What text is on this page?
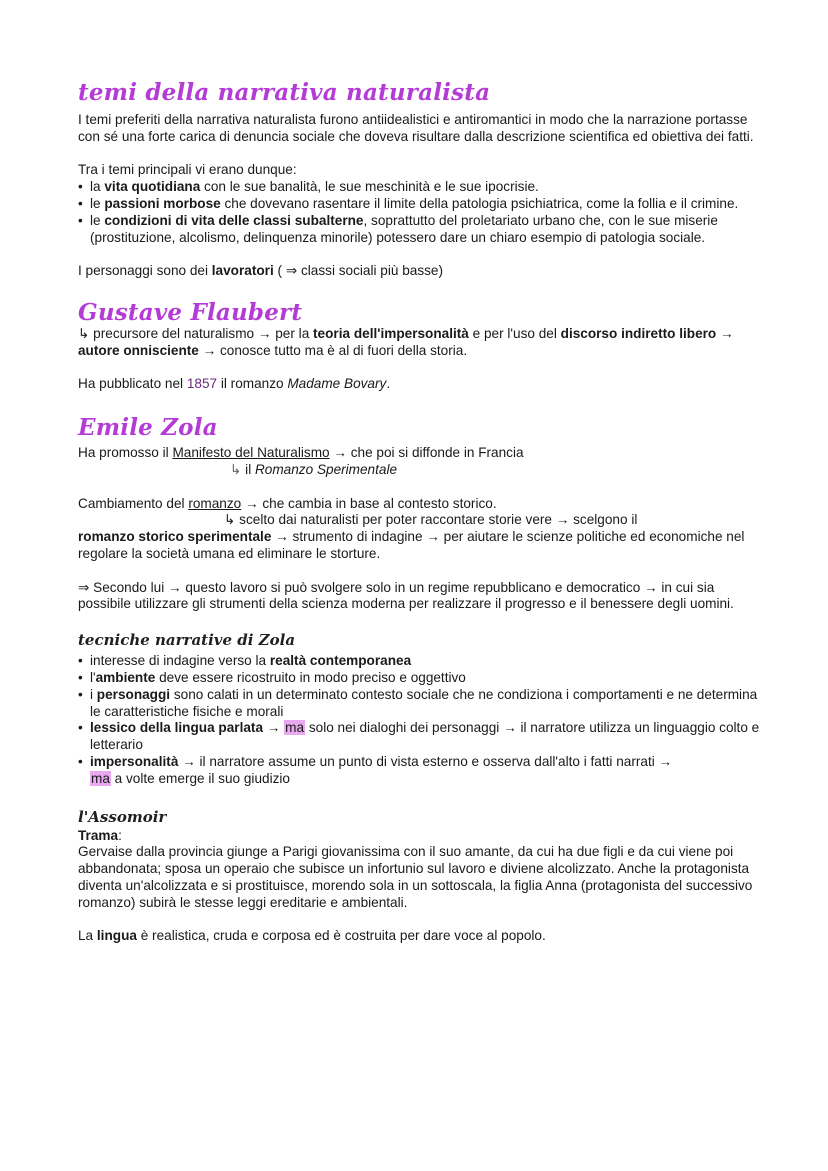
temi della narrativa naturalista

I temi preferiti della narrativa naturalista furono antiidealistici e antiromantici in modo che la narrazione portasse con sé una forte carica di denuncia sociale che doveva risultare dalla descrizione scientifica ed obiettiva dei fatti.

Tra i temi principali vi erano dunque:

• la vita quotidiana con le sue banalità, le sue meschinità e le sue ipocrisie.
• le passioni morbose che dovevano rasentare il limite della patologia psichiatrica, come la follia e il crimine.
• le condizioni di vita delle classi subalterne, soprattutto del proletariato urbano che, con le sue miserie (prostituzione, alcolismo, delinquenza minorile) potessero dare un chiaro esempio di patologia sociale.

I personaggi sono dei lavoratori ( ⇒ classi sociali più basse)

Gustave Flaubert

↳ precursore del naturalismo → per la teoria dell'impersonalità e per l'uso del discorso indiretto libero → autore onnisciente → conosce tutto ma è al di fuori della storia.

Ha pubblicato nel 1857 il romanzo Madame Bovary.

Emile Zola

Ha promosso il Manifesto del Naturalismo → che poi si diffonde in Francia

↳ il Romanzo Sperimentale

Cambiamento del romanzo → che cambia in base al contesto storico.

↳ scelto dai naturalisti per poter raccontare storie vere → scelgono il

romanzo storico sperimentale → strumento di indagine → per aiutare le scienze politiche ed economiche nel regolare la società umana ed eliminare le storture.

⇒ Secondo lui → questo lavoro si può svolgere solo in un regime repubblicano e democratico → in cui sia possibile utilizzare gli strumenti della scienza moderna per realizzare il progresso e il benessere degli uomini.

tecniche narrative di Zola
• interesse di indagine verso la realtà contemporanea
• l'ambiente deve essere ricostruito in modo preciso e oggettivo
• i personaggi sono calati in un determinato contesto sociale che ne condiziona i comportamenti e ne determina le caratteristiche fisiche e morali
• lessico della lingua parlata → ma solo nei dialoghi dei personaggi → il narratore utilizza un linguaggio colto e letterario
• impersonalità → il narratore assume un punto di vista esterno e osserva dall'alto i fatti narrati →
ma a volte emerge il suo giudizio
l'Assomoir

Trama:

Gervaise dalla provincia giunge a Parigi giovanissima con il suo amante, da cui ha due figli e da cui viene poi abbandonata; sposa un operaio che subisce un infortunio sul lavoro e diviene alcolizzato. Anche la protagonista diventa un'alcolizzata e si prostituisce, morendo sola in un sottoscala, la figlia Anna (protagonista del successivo romanzo) subirà le stesse leggi ereditarie e ambientali.

La lingua è realistica, cruda e corposa ed è costruita per dare voce al popolo.
